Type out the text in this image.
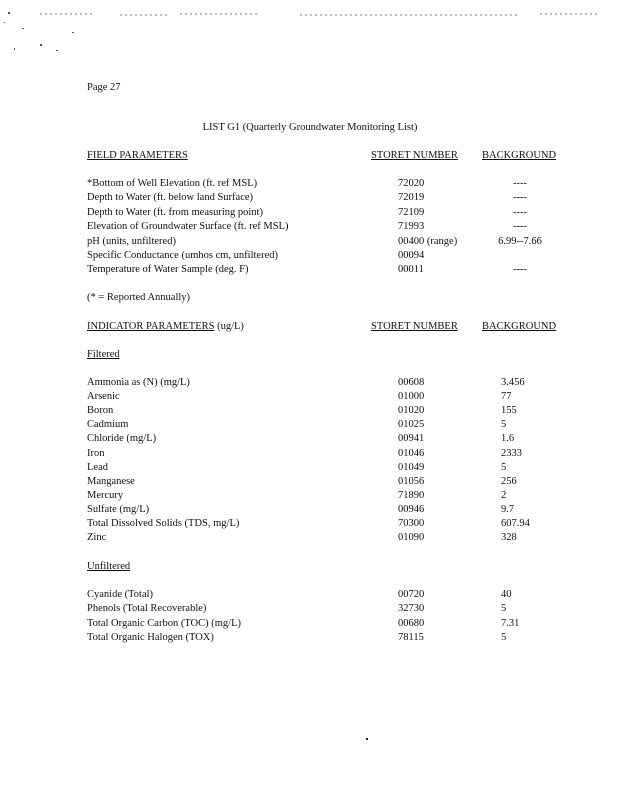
Page 27
LIST G1 (Quarterly Groundwater Monitoring List)
FIELD PARAMETERS	STORET NUMBER BACKGROUND
*Bottom of Well Elevation (ft. ref MSL)	72020	----
Depth to Water (ft. below land Surface)	72019	----
Depth to Water (ft. from measuring point)	72109	----
Elevation of Groundwater Surface (ft. ref MSL)	71993	----
pH (units, unfiltered)	00400 (range)	6.99--7.66
Specific Conductance (umhos cm, unfiltered)	00094
Temperature of Water Sample (deg. F)	00011	----
(* = Reported Annually)
INDICATOR PARAMETERS (ug/L)	STORET NUMBER BACKGROUND
Filtered
Ammonia as (N) (mg/L)	00608	3.456
Arsenic	01000	77
Boron	01020	155
Cadmium	01025	5
Chloride (mg/L)	00941	1.6
Iron	01046	2333
Lead	01049	5
Manganese	01056	256
Mercury	71890	2
Sulfate (mg/L)	00946	9.7
Total Dissolved Solids (TDS, mg/L)	70300	607.94
Zinc	01090	328
Unfiltered
Cyanide (Total)	00720	40
Phenols (Total Recoverable)	32730	5
Total Organic Carbon (TOC) (mg/L)	00680	7.31
Total Organic Halogen (TOX)	78115	5
